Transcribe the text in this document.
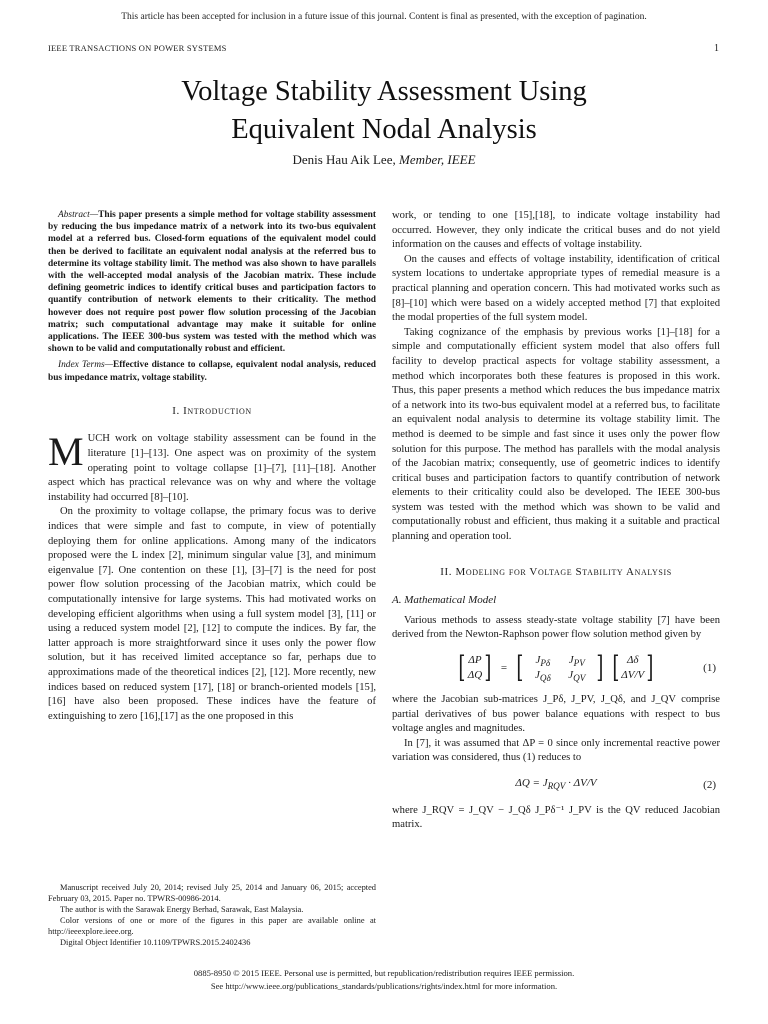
This article has been accepted for inclusion in a future issue of this journal. Content is final as presented, with the exception of pagination.
IEEE TRANSACTIONS ON POWER SYSTEMS	1
Voltage Stability Assessment Using
Equivalent Nodal Analysis
Denis Hau Aik Lee, Member, IEEE

Abstract—This paper presents a simple method for voltage stability assessment by reducing the bus impedance matrix of a network into its two-bus equivalent model at a referred bus. Closed-form equations of the equivalent model could then be derived to facilitate an equivalent nodal analysis at the referred bus to determine its voltage stability limit. The method was also shown to have parallels with the well-accepted modal analysis of the Jacobian matrix. These include defining geometric indices to identify critical buses and participation factors to quantify contribution of network elements to their criticality. The method however does not require post power flow solution processing of the Jacobian matrix; such computational advantage may make it suitable for online applications. The IEEE 300-bus system was tested with the method which was shown to be valid and computationally robust and efficient.

Index Terms—Effective distance to collapse, equivalent nodal analysis, reduced bus impedance matrix, voltage stability.

I. Introduction

MUCH work on voltage stability assessment can be found in the literature [1]–[13]. One aspect was on proximity of the system operating point to voltage collapse [1]–[7], [11]–[18]. Another aspect which has practical relevance was on why and where the voltage instability had occurred [8]–[10].

On the proximity to voltage collapse, the primary focus was to derive indices that were simple and fast to compute, in view of potentially deploying them for online applications. Among many of the indicators proposed were the L index [2], minimum singular value [3], and minimum eigenvalue [7]. One contention on these [1], [3]–[7] is the need for post power flow solution processing of the Jacobian matrix, which could be computationally intensive for large systems. This had motivated works on developing efficient algorithms when using a full system model [3], [11] or using a reduced system model [2], [12] to compute the indices. By far, the latter approach is more straightforward since it uses only the power flow solution, but it has received limited acceptance so far, perhaps due to approximations made of the theoretical indices [2], [12]. More recently, new indices based on reduced system [17], [18] or branch-oriented models [15], [16] have also been proposed. These indices have the feature of extinguishing to zero [16],[17] as the one proposed in this

work, or tending to one [15],[18], to indicate voltage instability had occurred. However, they only indicate the critical buses and do not yield information on the causes and effects of voltage instability.

On the causes and effects of voltage instability, identification of critical system locations to undertake appropriate types of remedial measure is a practical planning and operation concern. This had motivated works such as [8]–[10] which were based on a widely accepted method [7] that exploited the modal properties of the full system model.

Taking cognizance of the emphasis by previous works [1]–[18] for a simple and computationally efficient system model that also offers full facility to develop practical aspects for voltage stability assessment, a method which incorporates both these features is proposed in this work. Thus, this paper presents a method which reduces the bus impedance matrix of a network into its two-bus equivalent model at a referred bus, to facilitate an equivalent nodal analysis to determine its voltage stability limit. The method is deemed to be simple and fast since it uses only the power flow solution for this purpose. The method has parallels with the modal analysis of the Jacobian matrix; consequently, use of geometric indices to identify critical buses and participation factors to quantify contribution of network elements to their criticality could also be developed. The IEEE 300-bus system was tested with the method which was shown to be valid and computationally robust and efficient, thus making it a suitable and practical planning and operation tool.

II. Modeling for Voltage Stability Analysis
A. Mathematical Model

Various methods to assess steady-state voltage stability [7] have been derived from the Newton-Raphson power flow solution method given by

[ ΔP
ΔQ ] = [	$J_{P\delta}$	$J_{PV}$
$J_{Q\delta}$	$J_{QV}$ ] [ Δδ
ΔV/V ]	(1)

where the Jacobian sub-matrices J_Pδ, J_PV, J_Qδ, and J_QV comprise partial derivatives of bus power balance equations with respect to bus voltage angles and magnitudes.

In [7], it was assumed that ΔP = 0 since only incremental reactive power variation was considered, thus (1) reduces to

$\Delta Q = J_{RQV} \cdot \Delta V/V$	(2)

where J_RQV = J_QV − J_Qδ J_Pδ⁻¹ J_PV is the QV reduced Jacobian matrix.

Manuscript received July 20, 2014; revised July 25, 2014 and January 06, 2015; accepted February 03, 2015. Paper no. TPWRS-00986-2014.

The author is with the Sarawak Energy Berhad, Sarawak, East Malaysia.

Color versions of one or more of the figures in this paper are available online at http://ieeexplore.ieee.org.

Digital Object Identifier 10.1109/TPWRS.2015.2402436

0885-8950 © 2015 IEEE. Personal use is permitted, but republication/redistribution requires IEEE permission.
See http://www.ieee.org/publications_standards/publications/rights/index.html for more information.
